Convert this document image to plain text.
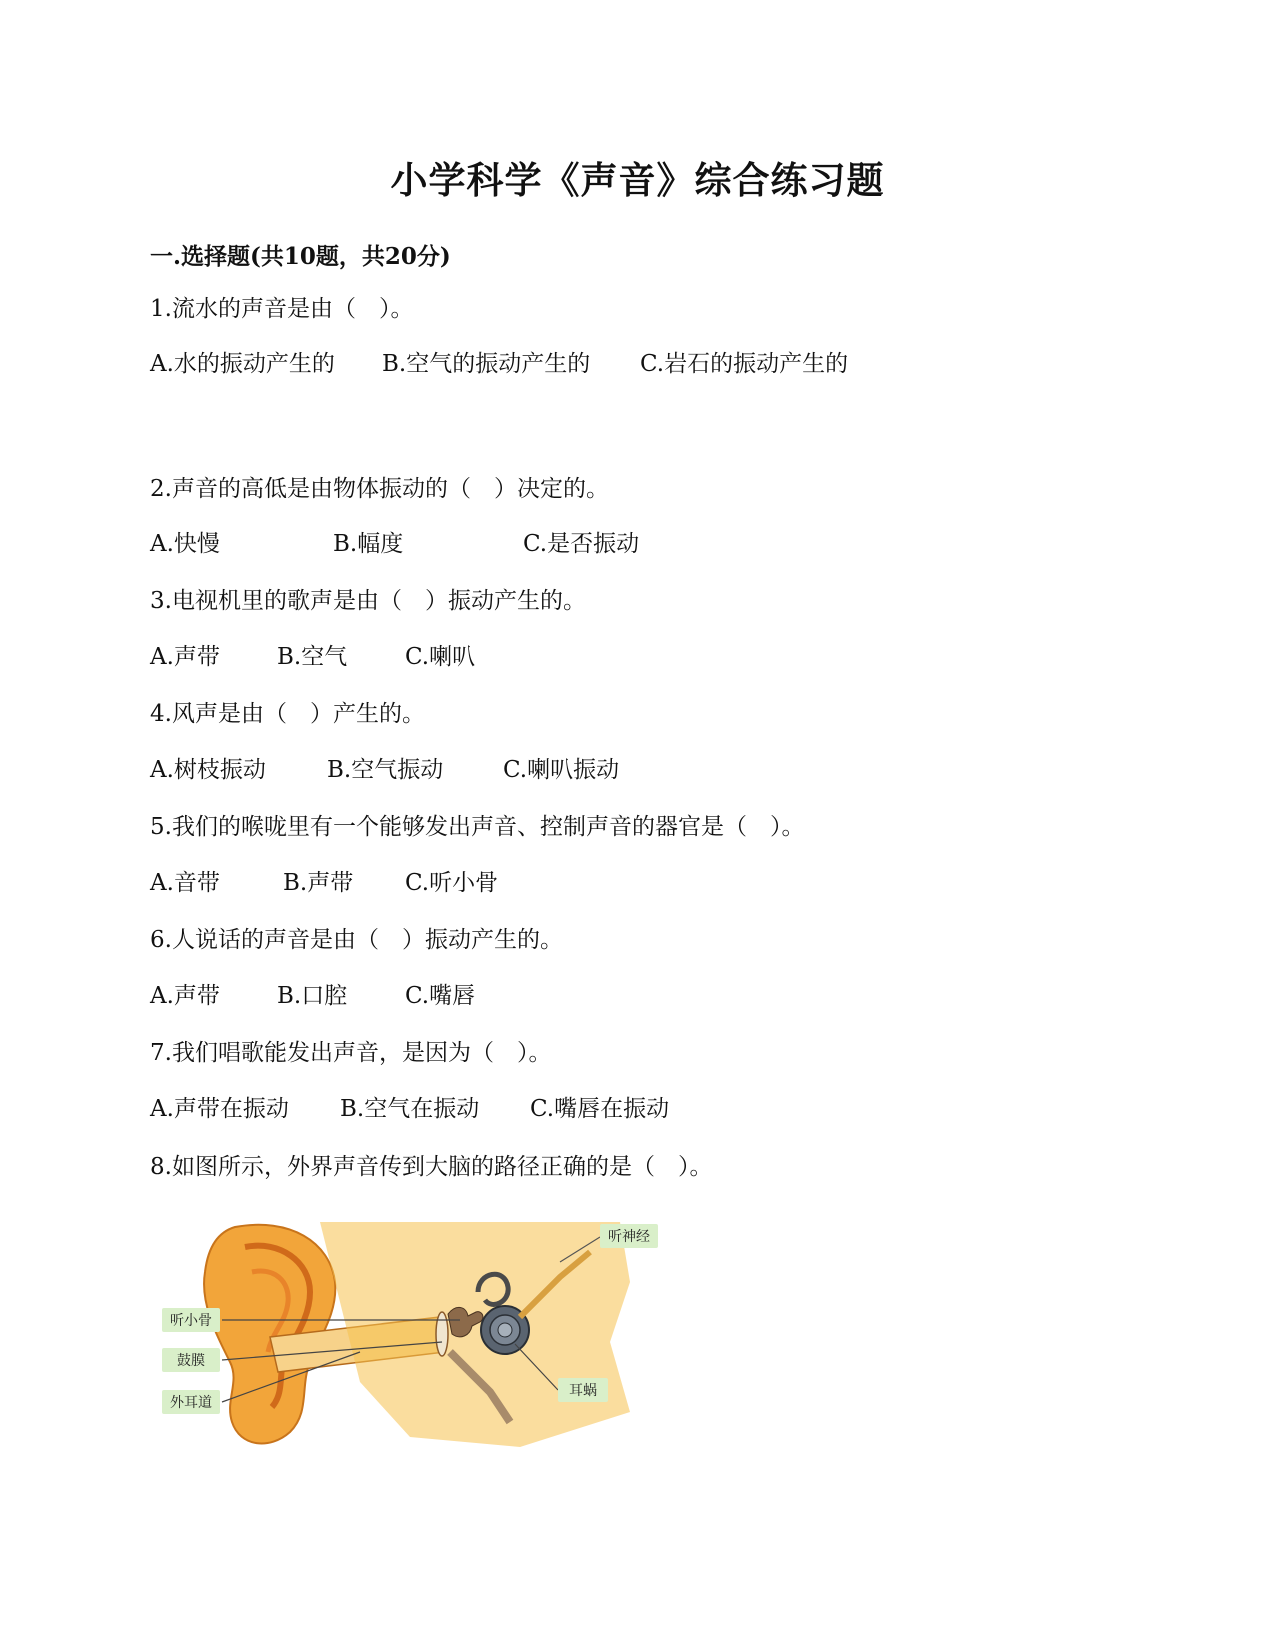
小学科学《声音》综合练习题
一.选择题(共10题，共20分)
1.流水的声音是由（　）。
A.水的振动产生的 B.空气的振动产生的 C.岩石的振动产生的
2.声音的高低是由物体振动的（　）决定的。
A.快慢	B.幅度	C.是否振动
3.电视机里的歌声是由（　）振动产生的。
A.声带 B.空气	C.喇叭
4.风声是由（　）产生的。
A.树枝振动	B.空气振动	C.喇叭振动
5.我们的喉咙里有一个能够发出声音、控制声音的器官是（　）。
A.音带	B.声带 C.听小骨
6.人说话的声音是由（　）振动产生的。
A.声带 B.口腔	C.嘴唇
7.我们唱歌能发出声音，是因为（　）。
A.声带在振动 B.空气在振动 C.嘴唇在振动
8.如图所示，外界声音传到大脑的路径正确的是（　）。
听神经
听小骨
鼓膜
外耳道
耳蜗
